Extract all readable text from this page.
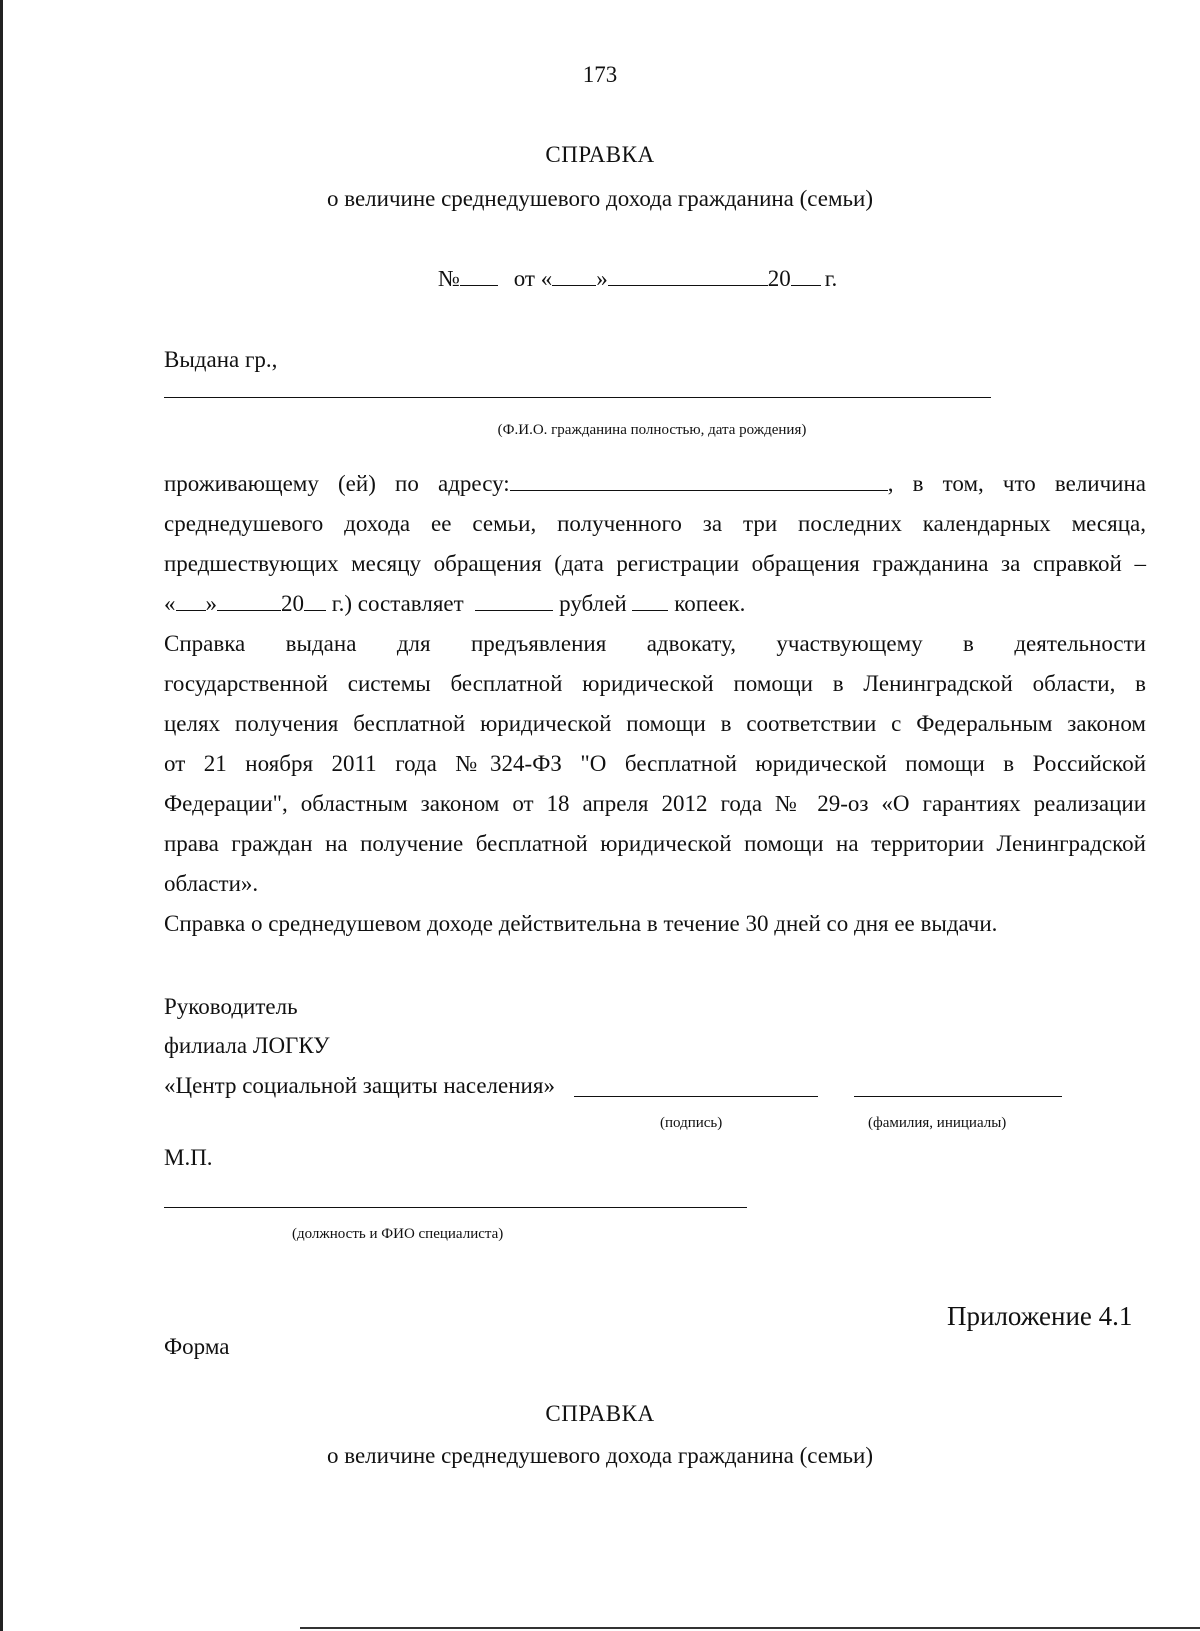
173
СПРАВКА
о величине среднедушевого дохода гражданина (семьи)
№ от « »	20 г.
Выдана гр.,
(Ф.И.О. гражданина полностью, дата рождения)
проживающему (ей) по адресу:	, в том, что величина
среднедушевого дохода ее семьи, полученного за три последних календарных месяца,
предшествующих месяцу обращения (дата регистрации обращения гражданина за справкой –
« »	20 г.) составляет	рублей копеек.
Справка выдана для предъявления адвокату, участвующему в деятельности
государственной системы бесплатной юридической помощи в Ленинградской области, в
целях получения бесплатной юридической помощи в соответствии с Федеральным законом
от 21 ноября 2011 года №324-ФЗ "О бесплатной юридической помощи в Российской
Федерации", областным законом от 18 апреля 2012 года № 29-оз «О гарантиях реализации
права граждан на получение бесплатной юридической помощи на территории Ленинградской
области».
Справка о среднедушевом доходе действительна в течение 30 дней со дня ее выдачи.
Руководитель
филиала ЛОГКУ
«Центр социальной защиты населения»
(подпись)	(фамилия, инициалы)
М.П.
(должность и ФИО специалиста)
Приложение 4.1
Форма
СПРАВКА
о величине среднедушевого дохода гражданина (семьи)
